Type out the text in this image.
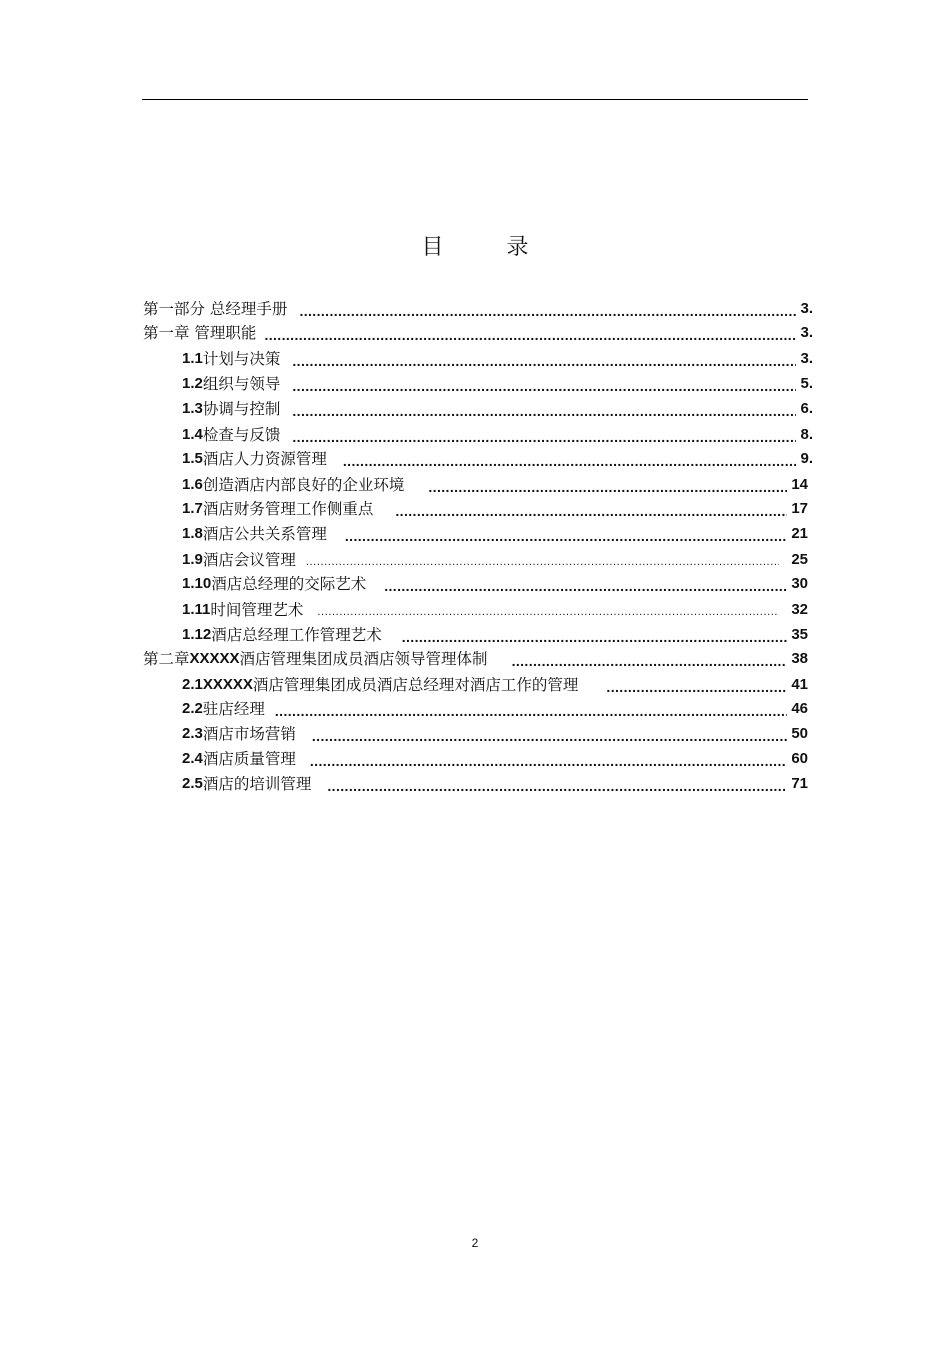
目 录
第一部分 总经理手册 .....	3.
第一章 管理职能 .....	3.
1.1 计划与决策 .....	3.
1.2 组织与领导 .....	5.
1.3 协调与控制 .....	6.
1.4 检查与反馈 .....	8.
1.5 酒店人力资源管理 .....	9.
1.6 创造酒店内部良好的企业环境 .....	14
1.7 酒店财务管理工作侧重点 .....	17
1.8 酒店公共关系管理 .....	21
1.9 酒店会议管理 .....	25
1.10 酒店总经理的交际艺术 .....	30
1.11 时间管理艺术 .....	32
1.12 酒店总经理工作管理艺术 .....	35
第二章 XXXXX 酒店管理集团成员酒店领导管理体制 .....	38
2.1XXXXX 酒店管理集团成员酒店总经理对酒店工作的管理 .....	41
2.2 驻店经理 .....	46
2.3 酒店市场营销 .....	50
2.4 酒店质量管理 .....	60
2.5 酒店的培训管理 .....	71
2
